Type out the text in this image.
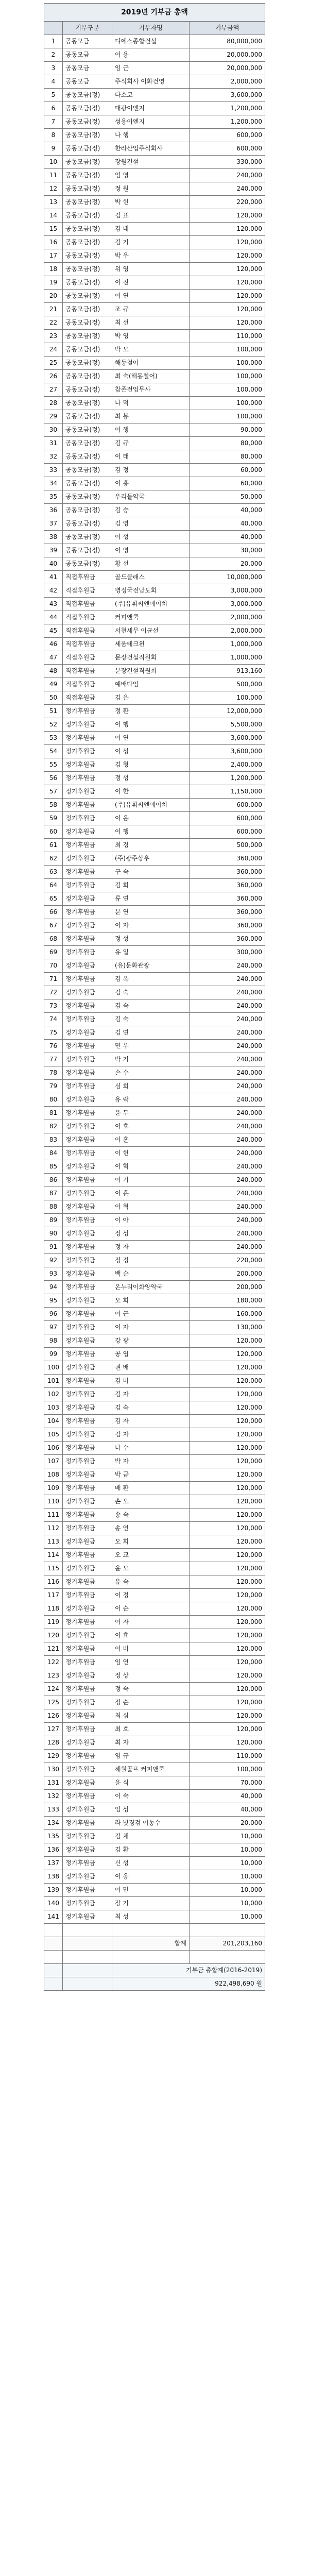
2019년 기부금 총액			
	기부구분	기부자명	기부금액
1	공동모금	디에스종합건설	80,000,000
2	공동모금	이 용	20,000,000
3	공동모금	임 근	20,000,000
4	공동모금	주식회사 이화건영	2,000,000
5	공동모금(정)	다소코	3,600,000
6	공동모금(정)	대광이엔지	1,200,000
7	공동모금(정)	성용이엔지	1,200,000
8	공동모금(정)	나 행	600,000
9	공동모금(정)	한라산업주식회사	600,000
10	공동모금(정)	장원건설	330,000
11	공동모금(정)	임 영	240,000
12	공동모금(정)	정 원	240,000
13	공동모금(정)	박 헌	220,000
14	공동모금(정)	김 표	120,000
15	공동모금(정)	김 태	120,000
16	공동모금(정)	김 기	120,000
17	공동모금(정)	박 우	120,000
18	공동모금(정)	위 영	120,000
19	공동모금(정)	이 진	120,000
20	공동모금(정)	이 연	120,000
21	공동모금(정)	조 규	120,000
22	공동모금(정)	최 선	120,000
23	공동모금(정)	박 영	110,000
24	공동모금(정)	박 모	100,000
25	공동모금(정)	해동철어	100,000
26	공동모금(정)	최 숙(해동철어)	100,000
27	공동모금(정)	참존전업무사	100,000
28	공동모금(정)	나 덕	100,000
29	공동모금(정)	최 봉	100,000
30	공동모금(정)	이 행	90,000
31	공동모금(정)	김 규	80,000
32	공동모금(정)	이 태	80,000
33	공동모금(정)	김 정	60,000
34	공동모금(정)	이 홍	60,000
35	공동모금(정)	우리들약국	50,000
36	공동모금(정)	김 승	40,000
37	공동모금(정)	김 영	40,000
38	공동모금(정)	이 성	40,000
39	공동모금(정)	이 영	30,000
40	공동모금(정)	황 선	20,000
41	직접후원금	골드클래스	10,000,000
42	직접후원금	병정국전남도회	3,000,000
43	직접후원금	(주)유휘씨엔에이치	3,000,000
44	직접후원금	커피앤쿡	2,000,000
45	직접후원금	서현세무 이균선	2,000,000
46	직접후원금	세움테크윈	1,000,000
47	직접후원금	문장건설직원회	1,000,000
48	직접후원금	문장건설직원회	913,160
49	직접후원금	예배다임	500,000
50	직접후원금	김 은	100,000
51	정기후원금	정 환	12,000,000
52	정기후원금	이 행	5,500,000
53	정기후원금	이 연	3,600,000
54	정기후원금	이 성	3,600,000
55	정기후원금	김 형	2,400,000
56	정기후원금	정 성	1,200,000
57	정기후원금	이 한	1,150,000
58	정기후원금	(주)유휘씨엔에이치	600,000
59	정기후원금	이 음	600,000
60	정기후원금	이 행	600,000
61	정기후원금	최 경	500,000
62	정기후원금	(주)광주상우	360,000
63	정기후원금	구 숙	360,000
64	정기후원금	김 희	360,000
65	정기후원금	류 연	360,000
66	정기후원금	문 연	360,000
67	정기후원금	이 자	360,000
68	정기후원금	정 성	360,000
69	정기후원금	유 일	300,000
70	정기후원금	(유)문화관광	240,000
71	정기후원금	김 옥	240,000
72	정기후원금	김 숙	240,000
73	정기후원금	김 숙	240,000
74	정기후원금	김 숙	240,000
75	정기후원금	김 연	240,000
76	정기후원금	민 우	240,000
77	정기후원금	박 기	240,000
78	정기후원금	손 수	240,000
79	정기후원금	심 희	240,000
80	정기후원금	유 락	240,000
81	정기후원금	윤 두	240,000
82	정기후원금	이 호	240,000
83	정기후원금	이 훈	240,000
84	정기후원금	이 헌	240,000
85	정기후원금	이 혁	240,000
86	정기후원금	이 기	240,000
87	정기후원금	이 훈	240,000
88	정기후원금	이 혁	240,000
89	정기후원금	이 아	240,000
90	정기후원금	정 성	240,000
91	정기후원금	정 자	240,000
92	정기후원금	정 정	220,000
93	정기후원금	백 순	200,000
94	정기후원금	온누리이화양약국	200,000
95	정기후원금	오 희	180,000
96	정기후원금	이 근	160,000
97	정기후원금	이 자	130,000
98	정기후원금	강 광	120,000
99	정기후원금	공 엽	120,000
100	정기후원금	권 배	120,000
101	정기후원금	김 미	120,000
102	정기후원금	김 자	120,000
103	정기후원금	김 숙	120,000
104	정기후원금	김 자	120,000
105	정기후원금	김 자	120,000
106	정기후원금	나 수	120,000
107	정기후원금	박 자	120,000
108	정기후원금	박 금	120,000
109	정기후원금	배 환	120,000
110	정기후원금	손 오	120,000
111	정기후원금	송 숙	120,000
112	정기후원금	송 연	120,000
113	정기후원금	오 희	120,000
114	정기후원금	오 교	120,000
115	정기후원금	윤 모	120,000
116	정기후원금	유 숙	120,000
117	정기후원금	이 정	120,000
118	정기후원금	이 순	120,000
119	정기후원금	이 자	120,000
120	정기후원금	이 효	120,000
121	정기후원금	이 비	120,000
122	정기후원금	임 연	120,000
123	정기후원금	정 상	120,000
124	정기후원금	정 숙	120,000
125	정기후원금	정 순	120,000
126	정기후원금	최 심	120,000
127	정기후원금	최 호	120,000
128	정기후원금	최 자	120,000
129	정기후원금	임 규	110,000
130	정기후원금	해월골프 커피앤쿡	100,000
131	정기후원금	윤 식	70,000
132	정기후원금	이 숙	40,000
133	정기후원금	임 성	40,000
134	정기후원금	라 빛징검 이동수	20,000
135	정기후원금	김 채	10,000
136	정기후원금	김 환	10,000
137	정기후원금	신 성	10,000
138	정기후원금	이 웅	10,000
139	정기후원금	이 민	10,000
140	정기후원금	장 기	10,000
141	정기후원금	최 성	10,000

		합계	201,203,160

		기부금 총합계(2016-2019)	
		922,498,690 원	
